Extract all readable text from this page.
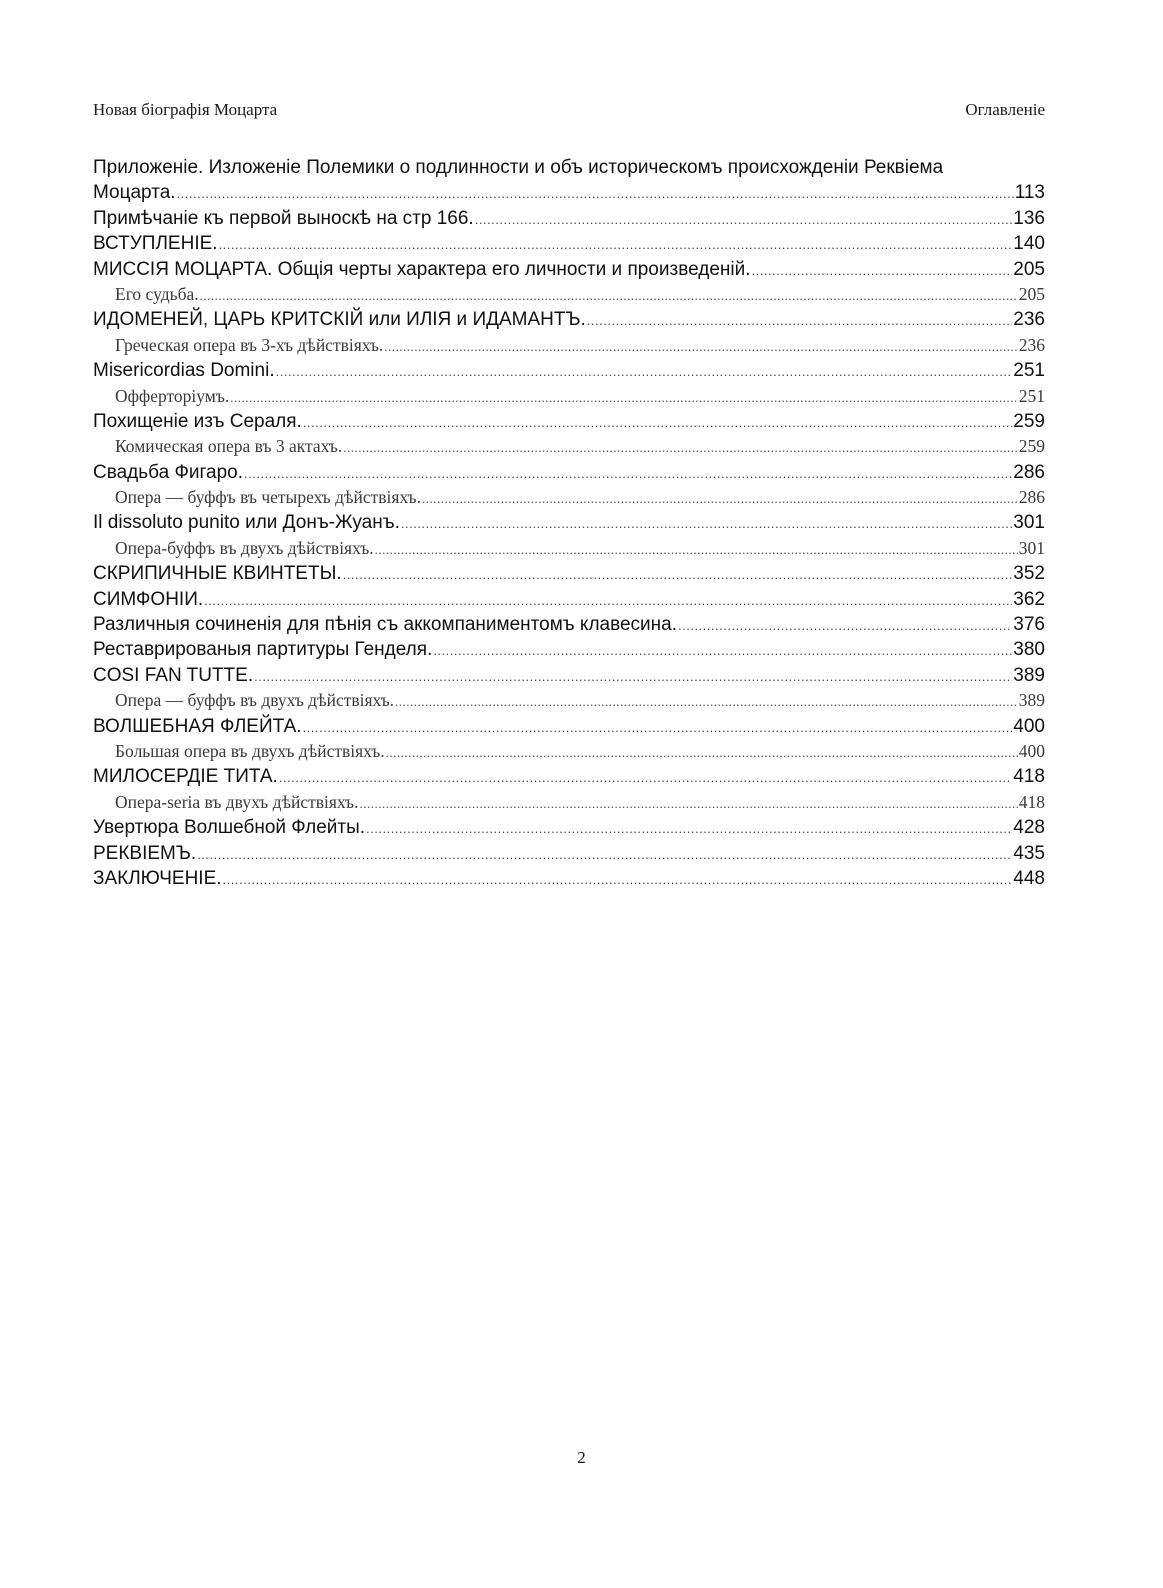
Новая біографія Моцарта	Оглавленіе
Приложеніе. Изложеніе Полемики о подлинности и объ историческомъ происхожденіи Реквіема
Моцарта. .....	113
Примѣчаніе къ первой выноскѣ на стр 166. .....	136
ВСТУПЛЕНІЕ. .....	140
МИССІЯ МОЦАРТА. Общія черты характера его личности и произведеній. .....	205
Его судьба. .....	205
ИДОМЕНЕЙ, ЦАРЬ КРИТСКІЙ или ИЛІЯ и ИДАМАНТЪ. .....	236
Греческая опера въ 3-хъ дѣйствіяхъ. .....	236
Misericordias Domini. .....	251
Офферторіумъ. .....	251
Похищеніе изъ Сераля. .....	259
Комическая опера въ 3 актахъ. .....	259
Свадьба Фигаро. .....	286
Опера — буффъ въ четырехъ дѣйствіяхъ. .....	286
Il dissoluto punito или Донъ-Жуанъ. .....	301
Опера-буффъ въ двухъ дѣйствіяхъ. .....	301
СКРИПИЧНЫЕ КВИНТЕТЫ. .....	352
СИМФОНІИ. .....	362
Различныя сочиненія для пѣнія съ аккомпаниментомъ клавесина. .....	376
Реставрированыя партитуры Генделя. .....	380
COSI FAN TUTTE. .....	389
Опера — буффъ въ двухъ дѣйствіяхъ. .....	389
ВОЛШЕБНАЯ ФЛЕЙТА. .....	400
Большая опера въ двухъ дѣйствіяхъ. .....	400
МИЛОСЕРДІЕ ТИТА. .....	418
Опера-seria въ двухъ дѣйствіяхъ. .....	418
Увертюра Волшебной Флейты. .....	428
РЕКВІЕМЪ. .....	435
ЗАКЛЮЧЕНІЕ. .....	448
2
